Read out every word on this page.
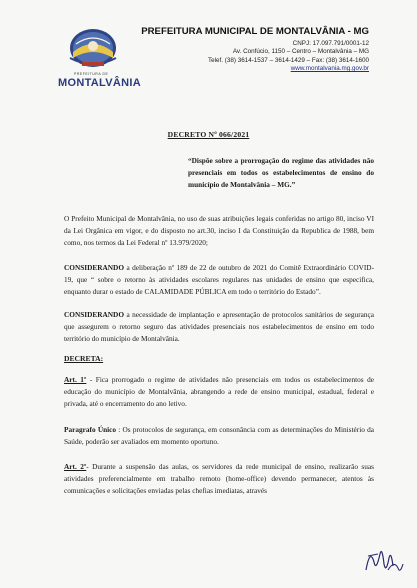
PREFEITURA DE
MONTALVÂNIA
PREFEITURA MUNICIPAL DE MONTALVÂNIA - MG
CNPJ: 17.097.791/0001-12
Av. Confúcio, 1150 – Centro – Montalvânia – MG
Telef. (38) 3614-1537 – 3614-1429 – Fax: (38) 3614-1600
www.montalvania.mg.gov.br
DECRETO Nº 066/2021
“Dispõe sobre a prorrogação do regime das atividades não presenciais em todos os estabelecimentos de ensino do município de Montalvânia – MG.”
O Prefeito Municipal de Montalvânia, no uso de suas atribuições legais conferidas no artigo 80, inciso VI da Lei Orgânica em vigor, e do disposto no art.30, inciso I da Constituição da Republica de 1988, bem como, nos termos da Lei Federal nº 13.979/2020;
CONSIDERANDO a deliberação nº 189 de 22 de outubro de 2021 do Comitê Extraordinário COVID-19, que “ sobre o retorno às atividades escolares regulares nas unidades de ensino que especifica, enquanto durar o estado de CALAMIDADE PÚBLICA em todo o território do Estado”.
CONSIDERANDO a necessidade de implantação e apresentação de protocolos sanitários de segurança que assegurem o retorno seguro das atividades presenciais nos estabelecimentos de ensino em todo território do município de Montalvânia.
DECRETA:
Art. 1º - Fica prorrogado o regime de atividades não presenciais em todos os estabelecimentos de educação do município de Montalvânia, abrangendo a rede de ensino municipal, estadual, federal e privada, até o encerramento do ano letivo.
Paragrafo Único : Os protocolos de segurança, em consonância com as determinações do Ministério da Saúde, poderão ser avaliados em momento oportuno.
Art. 2º- Durante a suspensão das aulas, os servidores da rede municipal de ensino, realizarão suas atividades preferencialmente em trabalho remoto (home-office) devendo permanecer, atentos às comunicações e solicitações enviadas pelas chefias imediatas, através
